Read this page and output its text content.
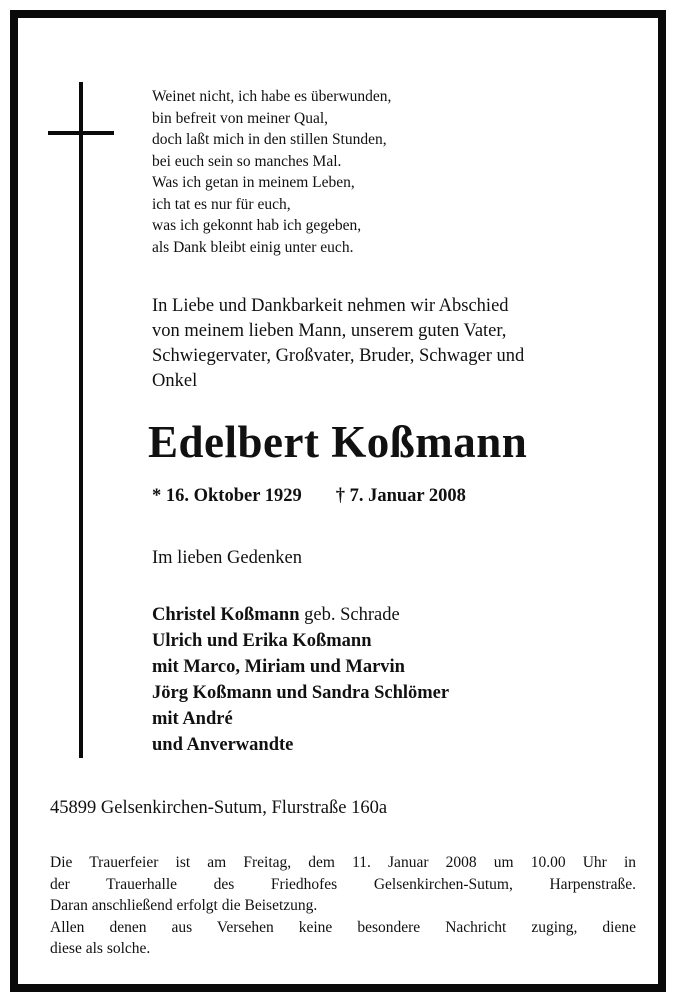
Weinet nicht, ich habe es überwunden,
bin befreit von meiner Qual,
doch laßt mich in den stillen Stunden,
bei euch sein so manches Mal.
Was ich getan in meinem Leben,
ich tat es nur für euch,
was ich gekonnt hab ich gegeben,
als Dank bleibt einig unter euch.
In Liebe und Dankbarkeit nehmen wir Abschied
von meinem lieben Mann, unserem guten Vater,
Schwiegervater, Großvater, Bruder, Schwager und
Onkel
Edelbert Koßmann
* 16. Oktober 1929 † 7. Januar 2008
Im lieben Gedenken
Christel Koßmann geb. Schrade
Ulrich und Erika Koßmann
mit Marco, Miriam und Marvin
Jörg Koßmann und Sandra Schlömer
mit André
und Anverwandte
45899 Gelsenkirchen-Sutum, Flurstraße 160a
Die Trauerfeier ist am Freitag, dem 11. Januar 2008 um 10.00 Uhr in
der Trauerhalle des Friedhofes Gelsenkirchen-Sutum, Harpenstraße.
Daran anschließend erfolgt die Beisetzung.
Allen denen aus Versehen keine besondere Nachricht zuging, diene
diese als solche.
